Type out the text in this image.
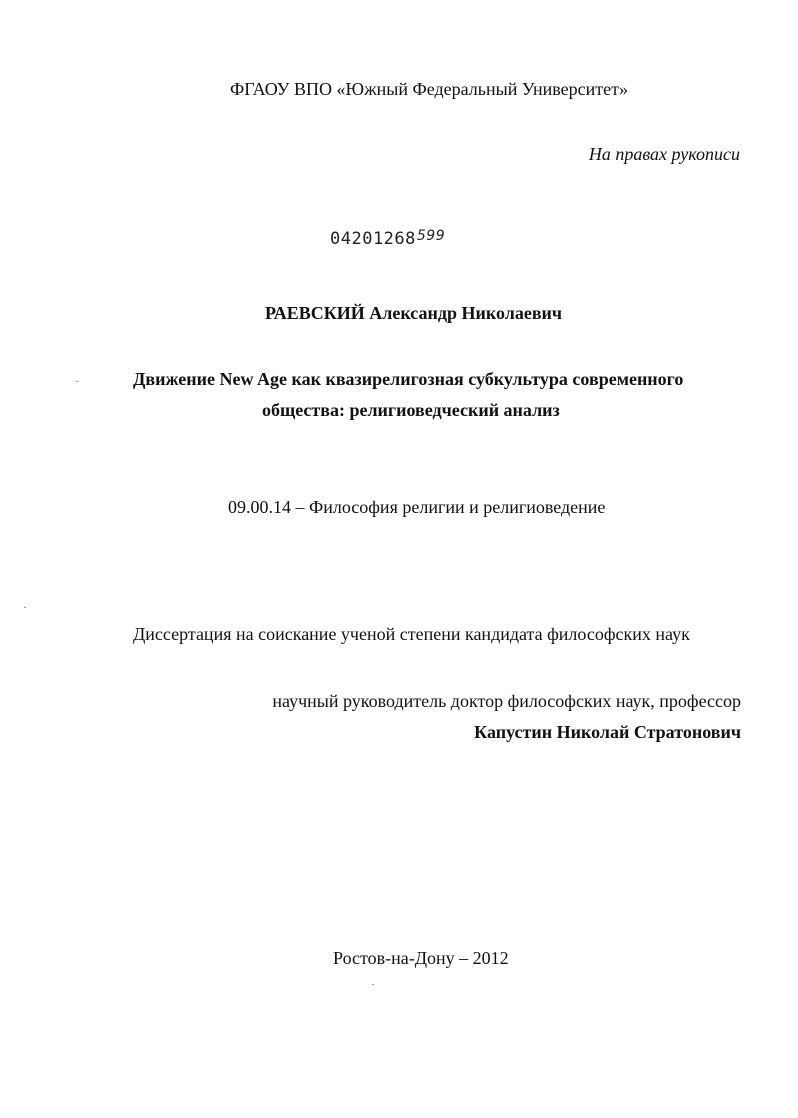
ФГАОУ ВПО «Южный Федеральный Университет»
На правах рукописи
04201268$^{599}$
РАЕВСКИЙ Александр Николаевич
Движение New Age как квазирелигозная субкультура современного
общества: религиоведческий анализ
09.00.14 – Философия религии и религиоведение
Диссертация на соискание ученой степени кандидата философских наук
научный руководитель доктор философских наук, профессор
Капустин Николай Стратонович
Ростов-на-Дону – 2012
